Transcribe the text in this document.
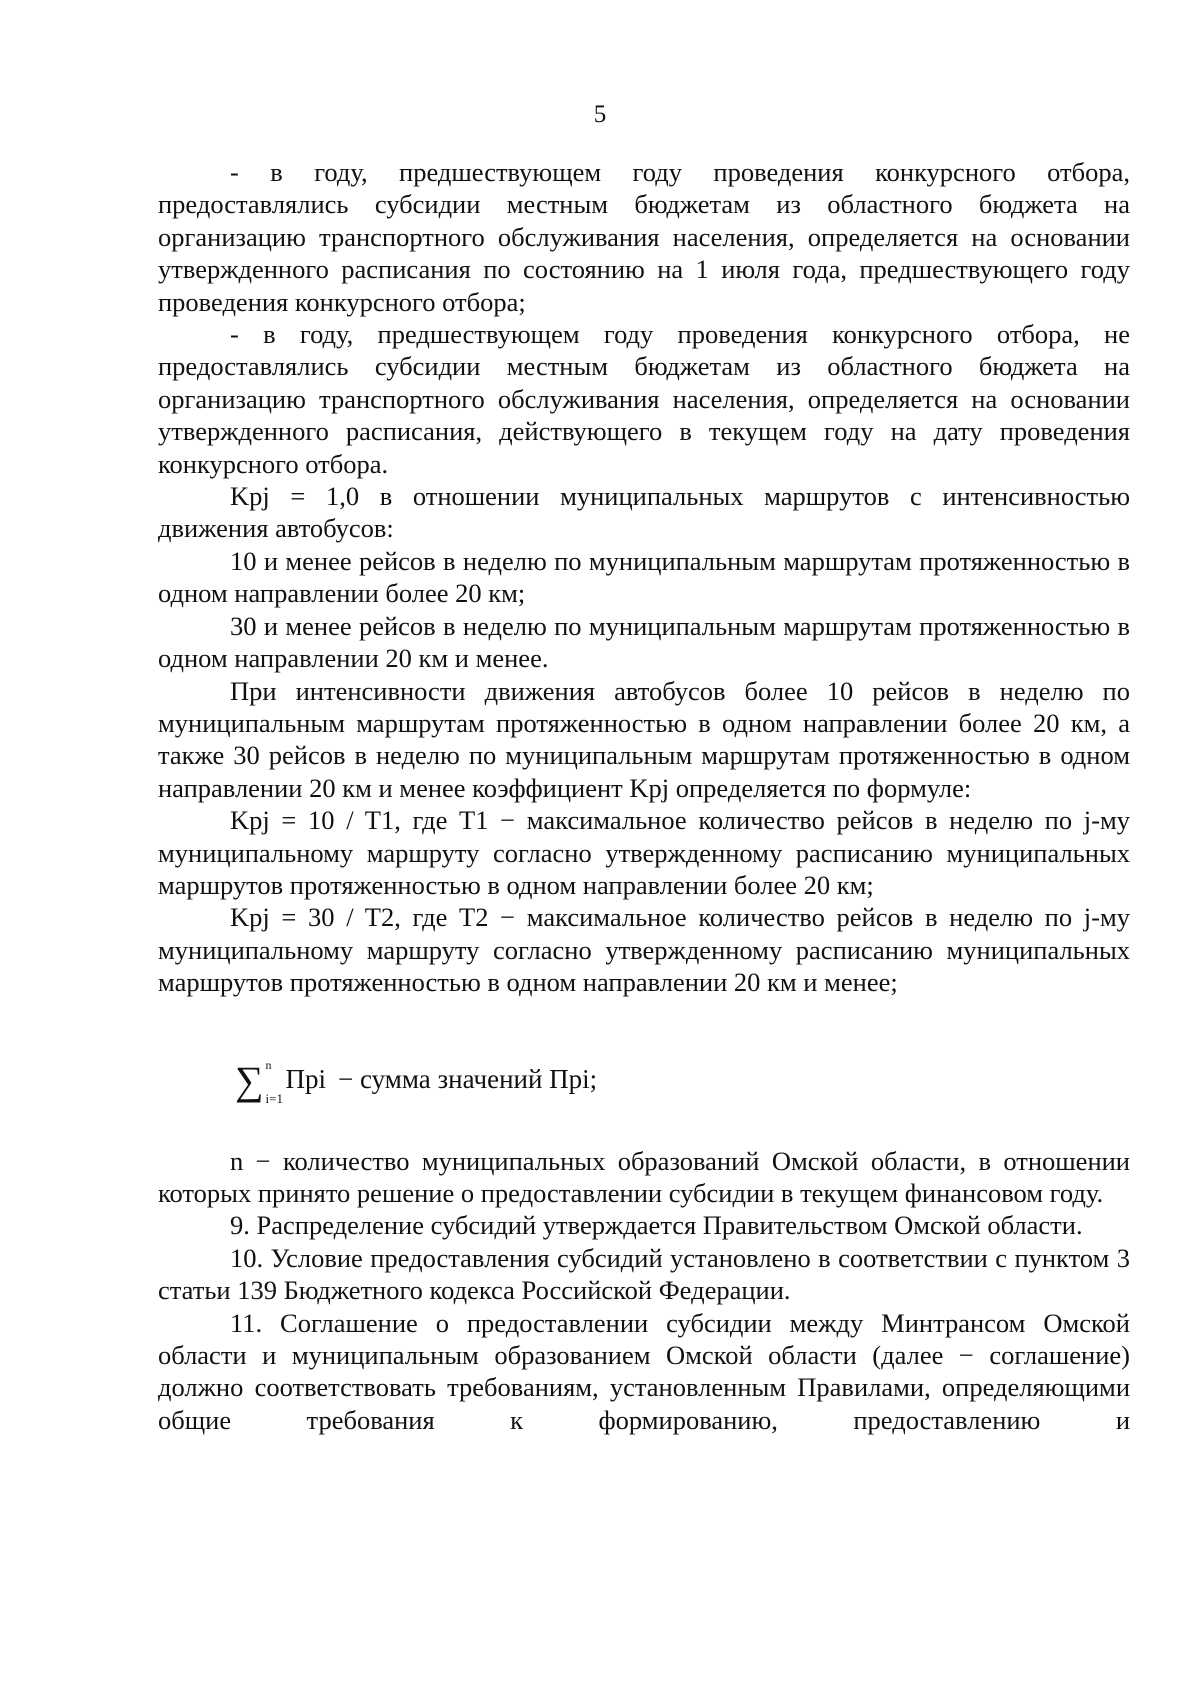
5

- в году, предшествующем году проведения конкурсного отбора, предоставлялись субсидии местным бюджетам из областного бюджета на организацию транспортного обслуживания населения, определяется на основании утвержденного расписания по состоянию на 1 июля года, предшествующего году проведения конкурсного отбора;

- в году, предшествующем году проведения конкурсного отбора, не предоставлялись субсидии местным бюджетам из областного бюджета на организацию транспортного обслуживания населения, определяется на основании утвержденного расписания, действующего в текущем году на дату проведения конкурсного отбора.

Kpj = 1,0 в отношении муниципальных маршрутов с интенсивностью движения автобусов:

10 и менее рейсов в неделю по муниципальным маршрутам протяженностью в одном направлении более 20 км;

30 и менее рейсов в неделю по муниципальным маршрутам протяженностью в одном направлении 20 км и менее.

При интенсивности движения автобусов более 10 рейсов в неделю по муниципальным маршрутам протяженностью в одном направлении более 20 км, а также 30 рейсов в неделю по муниципальным маршрутам протяженностью в одном направлении 20 км и менее коэффициент Kpj определяется по формуле:

Kpj = 10 / T1, где T1 − максимальное количество рейсов в неделю по j-му муниципальному маршруту согласно утвержденному расписанию муниципальных маршрутов протяженностью в одном направлении более 20 км;

Kpj = 30 / T2, где T2 − максимальное количество рейсов в неделю по j-му муниципальному маршруту согласно утвержденному расписанию муниципальных маршрутов протяженностью в одном направлении 20 км и менее;

∑ n
i=1
Пpi − сумма значений Пpi;

n − количество муниципальных образований Омской области, в отношении которых принято решение о предоставлении субсидии в текущем финансовом году.

9. Распределение субсидий утверждается Правительством Омской области.

10. Условие предоставления субсидий установлено в соответствии с пунктом 3 статьи 139 Бюджетного кодекса Российской Федерации.

11. Соглашение о предоставлении субсидии между Минтрансом Омской области и муниципальным образованием Омской области (далее − соглашение) должно соответствовать требованиям, установленным Правилами, определяющими общие требования к формированию, предоставлению и
